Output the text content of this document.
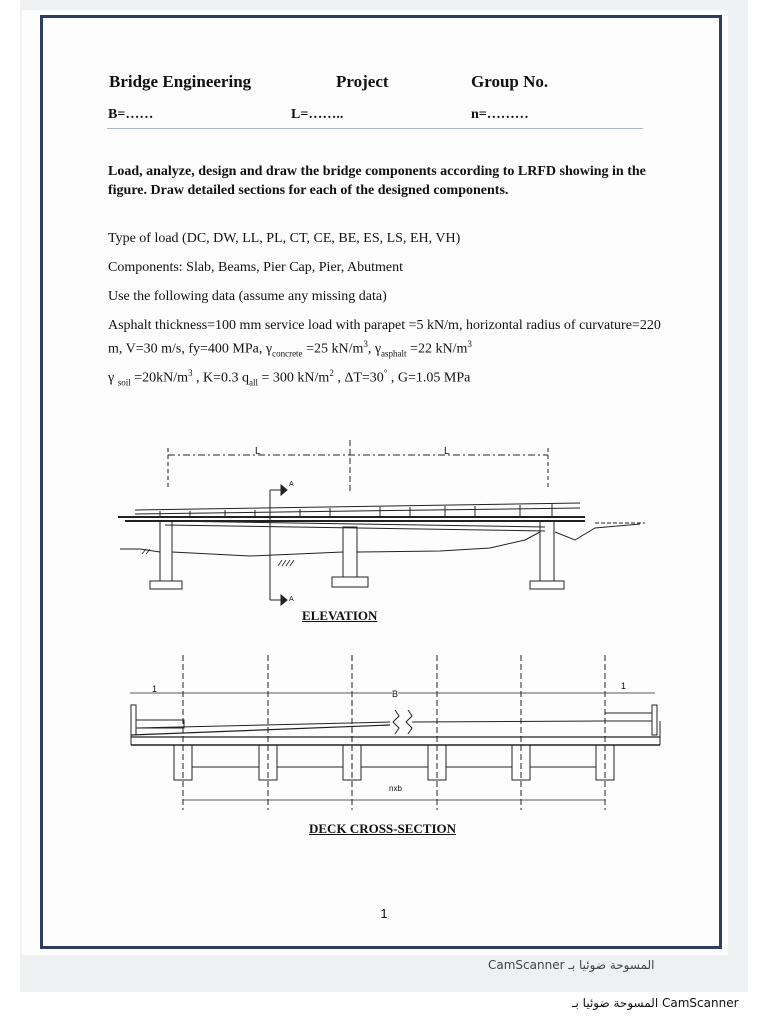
Bridge Engineering	Project	Group No.
B=……	L=……..	n=………
Load, analyze, design and draw the bridge components according to LRFD showing in the figure. Draw detailed sections for each of the designed components.
Type of load (DC, DW, LL, PL, CT, CE, BE, ES, LS, EH, VH)
Components: Slab, Beams, Pier Cap, Pier, Abutment
Use the following data (assume any missing data)
Asphalt thickness=100 mm service load with parapet =5 kN/m, horizontal radius of curvature=220 m, V=30 m/s, fy=400 MPa, $\gamma_{concrete} =25$ $kN/m^3$, $\gamma_{asphalt} =22$ $kN/m^3$
γ $_{soil} =20kN/m^3$ , K=0.3 $q_{all} = 300$ $kN/m^2$ , ΔT=30° , G=1.05 MPa
L	L
A
A
ELEVATION
1	1
B
nxb
DECK CROSS-SECTION
1
CamScanner المسوحة ضوئيا بـ
المسوحة ضوئيا بـ CamScanner
